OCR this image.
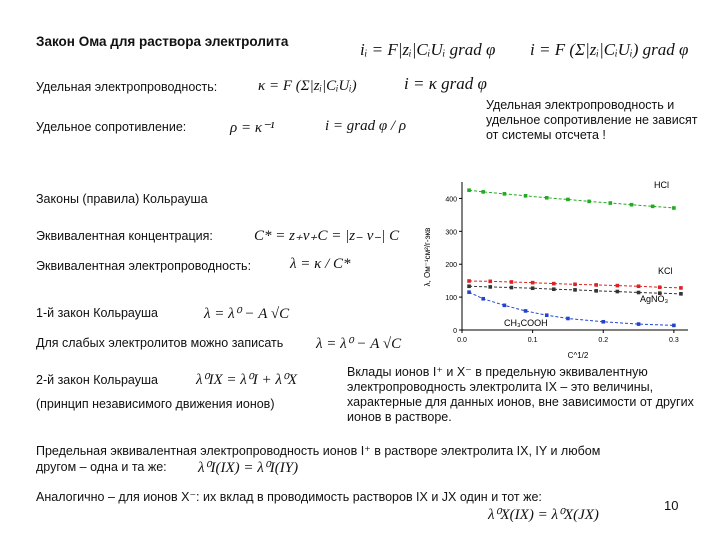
Закон Ома для раствора электролита	iᵢ = F|zᵢ|CᵢUᵢ grad φ i = F (Σ|zᵢ|CᵢUᵢ) grad φ
Удельная электропроводность:	κ = F (Σ|zᵢ|CᵢUᵢ)	i = κ grad φ
Удельное сопротивление:	ρ = κ⁻¹	i = grad φ / ρ
Удельная электропроводность и удельное сопротивление не зависят от системы отсчета !
Законы (правила) Кольрауша
Эквивалентная концентрация:	C* = z₊ν₊C = |z₋ ν₋| C
Эквивалентная электропроводность:	λ = κ / C*
1-й закон Кольрауша	λ = λ⁰ − A √C
Для слабых электролитов можно записать λ = λ⁰ − A √C
2-й закон Кольрауша	λ⁰IX = λ⁰I + λ⁰X
(принцип независимого движения ионов)
Вклады ионов I⁺ и X⁻ в предельную эквивалентную электропроводность электролита IX – это величины, характерные для данных ионов, вне зависимости от других ионов в растворе.
Предельная эквивалентная электропроводность ионов I⁺ в растворе электролита IX, IY и любом
другом – одна и та же: λ⁰I(IX) = λ⁰I(IY)
Аналогично – для ионов X⁻: их вклад в проводимость растворов IX и JX один и тот же:
λ⁰X(IX) = λ⁰X(JX)
10
0
100
200
300
400
0.0	0.1	0.2	0.3
λ, Ом⁻¹см²/г-экв
C^1/2
HCl
KCl
AgNO₃
CH₃COOH
